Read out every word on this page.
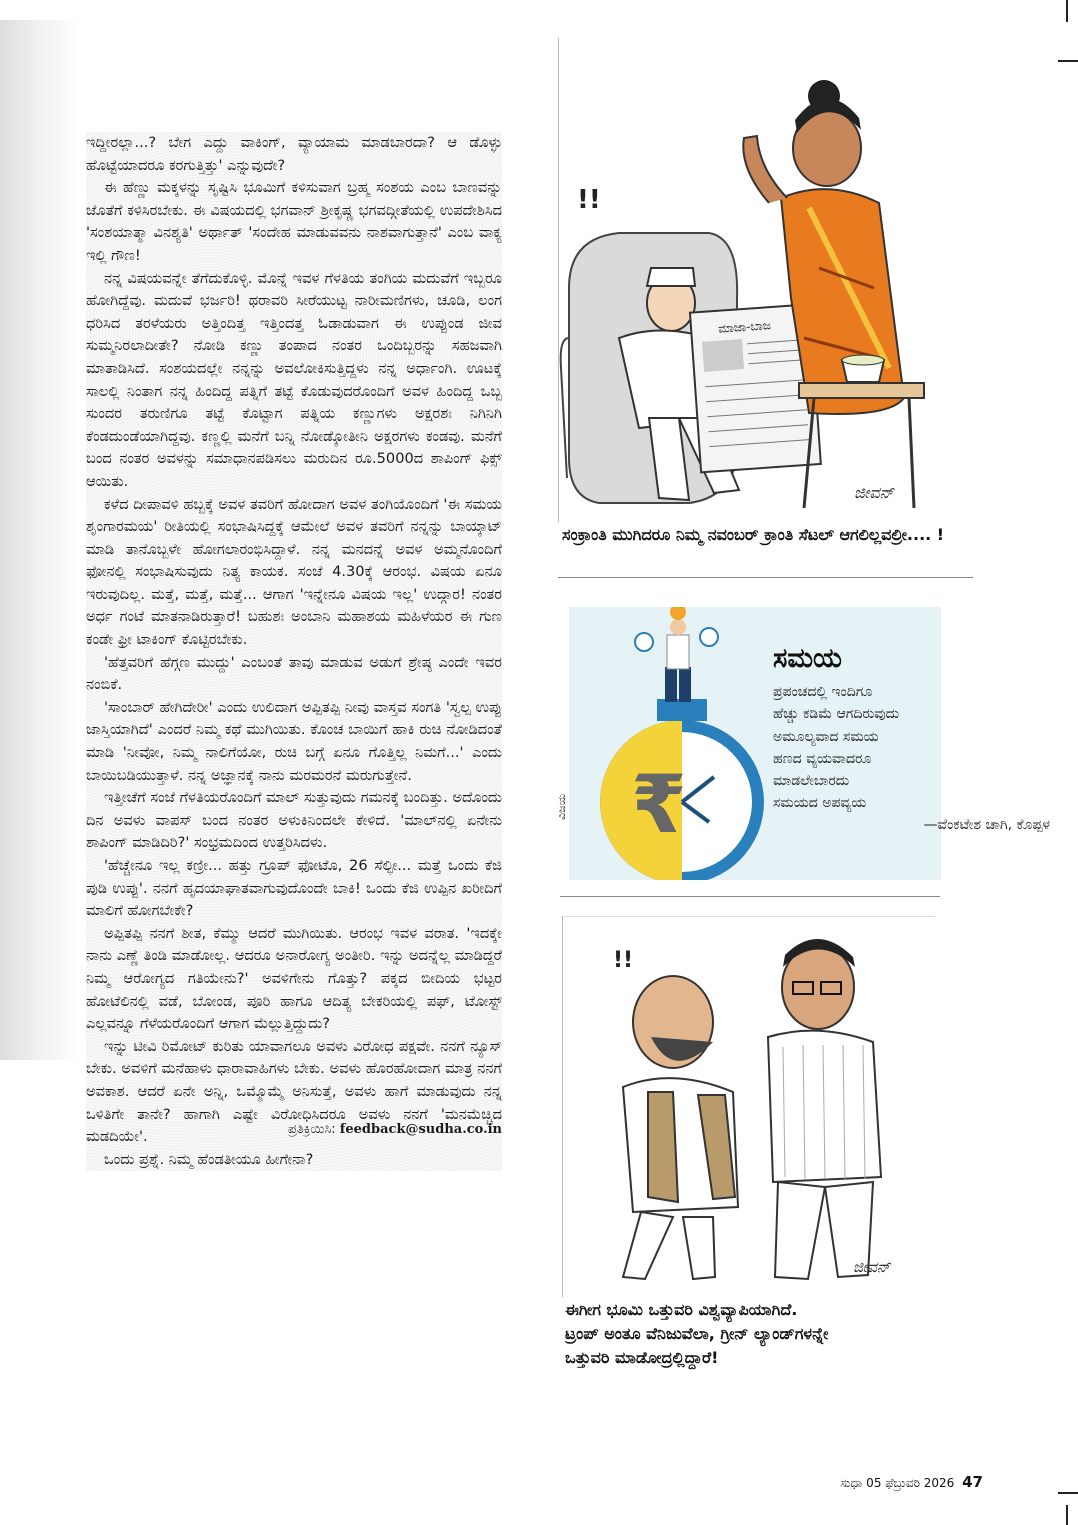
ಇದ್ದೀರಲ್ಲಾ...? ಬೇಗ ಎದ್ದು ವಾಕಿಂಗ್, ವ್ಯಾಯಾಮ ಮಾಡಬಾರದಾ? ಆ ಡೊಳ್ಳು ಹೊಟ್ಟೆಯಾದರೂ ಕರಗುತ್ತಿತ್ತು' ಎನ್ನುವುದೇ?

ಈ ಹೆಣ್ಣು ಮಕ್ಕಳನ್ನು ಸೃಷ್ಟಿಸಿ ಭೂಮಿಗೆ ಕಳಿಸುವಾಗ ಬ್ರಹ್ಮ ಸಂಶಯ ಎಂಬ ಬಾಣವನ್ನು ಜೊತೆಗೆ ಕಳಿಸಿರಬೇಕು. ಈ ವಿಷಯದಲ್ಲಿ ಭಗವಾನ್ ಶ್ರೀಕೃಷ್ಣ ಭಗವದ್ಗೀತೆಯಲ್ಲಿ ಉಪದೇಶಿಸಿದ 'ಸಂಶಯಾತ್ಮಾ ವಿನಶ್ಯತಿ' ಅರ್ಥಾತ್ 'ಸಂದೇಹ ಮಾಡುವವನು ನಾಶವಾಗುತ್ತಾನೆ' ಎಂಬ ವಾಕ್ಯ ಇಲ್ಲಿ ಗೌಣ!

ನನ್ನ ವಿಷಯವನ್ನೇ ತೆಗೆದುಕೊಳ್ಳಿ. ಮೊನ್ನೆ ಇವಳ ಗೆಳತಿಯ ತಂಗಿಯ ಮದುವೆಗೆ ಇಬ್ಬರೂ ಹೋಗಿದ್ದೆವು. ಮದುವೆ ಭರ್ಜರಿ! ಥರಾವರಿ ಸೀರೆಯುಟ್ಟ ನಾರೀಮಣಿಗಳು, ಚೂಡಿ, ಲಂಗ ಧರಿಸಿದ ತರಳೆಯರು ಅತ್ತಿಂದಿತ್ತ ಇತ್ತಿಂದತ್ತ ಓಡಾಡುವಾಗ ಈ ಉಪ್ಪುಂಡ ಜೀವ ಸುಮ್ಮನಿರಲಾದೀತೇ? ನೋಡಿ ಕಣ್ಣು ತಂಪಾದ ನಂತರ ಒಂದಿಬ್ಬರನ್ನು ಸಹಜವಾಗಿ ಮಾತಾಡಿಸಿದೆ. ಸಂಶಯದಲ್ಲೇ ನನ್ನನ್ನು ಅವಲೋಕಿಸುತ್ತಿದ್ದಳು ನನ್ನ ಅರ್ಧಾಂಗಿ. ಊಟಕ್ಕೆ ಸಾಲಲ್ಲಿ ನಿಂತಾಗ ನನ್ನ ಹಿಂದಿದ್ದ ಪತ್ನಿಗೆ ತಟ್ಟೆ ಕೊಡುವುದರೊಂದಿಗೆ ಅವಳ ಹಿಂದಿದ್ದ ಒಬ್ಬ ಸುಂದರ ತರುಣಿಗೂ ತಟ್ಟೆ ಕೊಟ್ಟಾಗ ಪತ್ನಿಯ ಕಣ್ಣುಗಳು ಅಕ್ಷರಶಃ ನಿಗಿನಿಗಿ ಕೆಂಡದುಂಡೆಯಾಗಿದ್ದವು. ಕಣ್ಣಲ್ಲಿ ಮನೆಗೆ ಬನ್ನಿ ನೋಡ್ಕೋತೀನಿ ಅಕ್ಷರಗಳು ಕಂಡವು. ಮನೆಗೆ ಬಂದ ನಂತರ ಅವಳನ್ನು ಸಮಾಧಾನಪಡಿಸಲು ಮರುದಿನ ರೂ.5000ದ ಶಾಪಿಂಗ್ ಫಿಕ್ಸ್ ಆಯಿತು.

ಕಳೆದ ದೀಪಾವಳಿ ಹಬ್ಬಕ್ಕೆ ಅವಳ ತವರಿಗೆ ಹೋದಾಗ ಅವಳ ತಂಗಿಯೊಂದಿಗೆ 'ಈ ಸಮಯ ಶೃಂಗಾರಮಯ' ರೀತಿಯಲ್ಲಿ ಸಂಭಾಷಿಸಿದ್ದಕ್ಕೆ ಆಮೇಲೆ ಅವಳ ತವರಿಗೆ ನನ್ನನ್ನು ಬಾಯ್ಕಾಟ್ ಮಾಡಿ ತಾನೊಬ್ಬಳೇ ಹೋಗಲಾರಂಭಿಸಿದ್ದಾಳೆ. ನನ್ನ ಮನದನ್ನೆ ಅವಳ ಅಮ್ಮನೊಂದಿಗೆ ಫೋನಲ್ಲಿ ಸಂಭಾಷಿಸುವುದು ನಿತ್ಯ ಕಾಯಕ. ಸಂಜೆ 4.30ಕ್ಕೆ ಆರಂಭ. ವಿಷಯ ಏನೂ ಇರುವುದಿಲ್ಲ. ಮತ್ತೆ, ಮತ್ತೆ, ಮತ್ತೆ... ಆಗಾಗ 'ಇನ್ನೇನೂ ವಿಷಯ ಇಲ್ಲ' ಉದ್ಗಾರ! ನಂತರ ಅರ್ಧ ಗಂಟೆ ಮಾತನಾಡಿರುತ್ತಾರೆ! ಬಹುಶಃ ಅಂಬಾನಿ ಮಹಾಶಯ ಮಹಿಳೆಯರ ಈ ಗುಣ ಕಂಡೇ ಫ್ರೀ ಟಾಕಿಂಗ್ ಕೊಟ್ಟಿರಬೇಕು.

'ಹೆತ್ತವರಿಗೆ ಹೆಗ್ಗಣ ಮುದ್ದು' ಎಂಬಂತೆ ತಾವು ಮಾಡುವ ಅಡುಗೆ ಶ್ರೇಷ್ಠ ಎಂದೇ ಇವರ ನಂಬಿಕೆ.

'ಸಾಂಬಾರ್ ಹೇಗಿದೇರೀ' ಎಂದು ಉಲಿದಾಗ ಅಪ್ಪಿತಪ್ಪಿ ನೀವು ವಾಸ್ತವ ಸಂಗತಿ 'ಸ್ವಲ್ಪ ಉಪ್ಪು ಜಾಸ್ತಿಯಾಗಿದೆ' ಎಂದರೆ ನಿಮ್ಮ ಕಥೆ ಮುಗಿಯಿತು. ಕೊಂಚ ಬಾಯಿಗೆ ಹಾಕಿ ರುಚಿ ನೋಡಿದಂತೆ ಮಾಡಿ 'ನೀವೋ, ನಿಮ್ಮ ನಾಲಿಗೆಯೋ, ರುಚಿ ಬಗ್ಗೆ ಏನೂ ಗೊತ್ತಿಲ್ಲ ನಿಮಗೆ...' ಎಂದು ಬಾಯಿಬಡಿಯುತ್ತಾಳೆ. ನನ್ನ ಅಜ್ಞಾನಕ್ಕೆ ನಾನು ಮರಮರನೆ ಮರುಗುತ್ತೇನೆ.

ಇತ್ತೀಚೆಗೆ ಸಂಜೆ ಗೆಳತಿಯರೊಂದಿಗೆ ಮಾಲ್ ಸುತ್ತುವುದು ಗಮನಕ್ಕೆ ಬಂದಿತ್ತು. ಅದೊಂದು ದಿನ ಅವಳು ವಾಪಸ್ ಬಂದ ನಂತರ ಅಳುಕಿನಿಂದಲೇ ಕೇಳಿದೆ. 'ಮಾಲ್‌ನಲ್ಲಿ ಏನೇನು ಶಾಪಿಂಗ್ ಮಾಡಿದಿರಿ?' ಸಂಭ್ರಮದಿಂದ ಉತ್ತರಿಸಿದಳು.

'ಹೆಚ್ಚೇನೂ ಇಲ್ಲ ಕಣ್ರೀ... ಹತ್ತು ಗ್ರೂಪ್ ಫೋಟೊ, 26 ಸೆಲ್ಫೀ... ಮತ್ತೆ ಒಂದು ಕೆಜಿ ಪುಡಿ ಉಪ್ಪು'. ನನಗೆ ಹೃದಯಾಘಾತವಾಗುವುದೊಂದೇ ಬಾಕಿ! ಒಂದು ಕೆಜಿ ಉಪ್ಪಿನ ಖರೀದಿಗೆ ಮಾಲಿಗೆ ಹೋಗಬೇಕೇ?

ಅಪ್ಪಿತಪ್ಪಿ ನನಗೆ ಶೀತ, ಕೆಮ್ಮು ಆದರೆ ಮುಗಿಯಿತು. ಆರಂಭ ಇವಳ ವರಾತ. 'ಇದಕ್ಕೇ ನಾನು ಎಣ್ಣೆ ತಿಂಡಿ ಮಾಡೋಲ್ಲ. ಆದರೂ ಅನಾರೋಗ್ಯ ಅಂತೀರಿ. ಇನ್ನು ಅದನ್ನೆಲ್ಲ ಮಾಡಿದ್ದರೆ ನಿಮ್ಮ ಆರೋಗ್ಯದ ಗತಿಯೇನು?' ಅವಳಿಗೇನು ಗೊತ್ತು? ಪಕ್ಕದ ಬೀದಿಯ ಭಟ್ಟರ ಹೋಟೆಲಿನಲ್ಲಿ ವಡೆ, ಬೋಂಡ, ಪೂರಿ ಹಾಗೂ ಆದಿತ್ಯ ಬೇಕರಿಯಲ್ಲಿ ಪಫ್, ಟೋಸ್ಟ್ ಎಲ್ಲವನ್ನೂ ಗೆಳೆಯರೊಂದಿಗೆ ಆಗಾಗ ಮೆಲ್ಲುತ್ತಿದ್ದುದು?

ಇನ್ನು ಟೀವಿ ರಿಮೋಟ್ ಕುರಿತು ಯಾವಾಗಲೂ ಅವಳು ವಿರೋಧ ಪಕ್ಷವೇ. ನನಗೆ ನ್ಯೂಸ್ ಬೇಕು. ಅವಳಿಗೆ ಮನೆಹಾಳು ಧಾರಾವಾಹಿಗಳು ಬೇಕು. ಅವಳು ಹೊರಹೋದಾಗ ಮಾತ್ರ ನನಗೆ ಅವಕಾಶ. ಆದರೆ ಏನೇ ಅನ್ನಿ, ಒಮ್ಮೊಮ್ಮೆ ಅನಿಸುತ್ತೆ, ಅವಳು ಹಾಗೆ ಮಾಡುವುದು ನನ್ನ ಒಳಿತಿಗೇ ತಾನೇ? ಹಾಗಾಗಿ ಎಷ್ಟೇ ವಿರೋಧಿಸಿದರೂ ಅವಳು ನನಗೆ 'ಮನಮೆಚ್ಚಿದ ಮಡದಿಯೇ'.

ಒಂದು ಪ್ರಶ್ನೆ. ನಿಮ್ಮ ಹೆಂಡತೀಯೂ ಹೀಗೇನಾ?

ಪ್ರತಿಕ್ರಿಯಿಸಿ: feedback@sudha.co.in
!!
ಮಾಜಾ-ಬಾಜ
ಜೀವನ್
ಸಂಕ್ರಾಂತಿ ಮುಗಿದರೂ ನಿಮ್ಮ ನವಂಬರ್ ಕ್ರಾಂತಿ ಸೆಟಲ್ ಆಗಲಿಲ್ಲವಲ್ರೀ.... !
₹
ಸಮಯ
ಪ್ರಪಂಚದಲ್ಲಿ ಇಂದಿಗೂ
ಹೆಚ್ಚು ಕಡಿಮೆ ಆಗದಿರುವುದು
ಅಮೂಲ್ಯವಾದ ಸಮಯ
ಹಣದ ವ್ಯಯವಾದರೂ
ಮಾಡಲೇಬಾರದು
ಸಮಯದ ಅಪವ್ಯಯ
—ವೆಂಕಟೇಶ ಚಾಗಿ, ಕೊಪ್ಪಳ
ವಿಜಯ
!!
ಜೀವನ್
ಈಗೀಗ ಭೂಮಿ ಒತ್ತುವರಿ ವಿಶ್ವವ್ಯಾಪಿಯಾಗಿದೆ.
ಟ್ರಂಪ್ ಅಂತೂ ವೆನಿಜುವೆಲಾ, ಗ್ರೀನ್ ಲ್ಯಾಂಡ್‌ಗಳನ್ನೇ
ಒತ್ತುವರಿ ಮಾಡೋದ್ರಲ್ಲಿದ್ದಾರೆ!
ಸುಧಾ 05 ಫೆಬ್ರುವರಿ 2026 47
